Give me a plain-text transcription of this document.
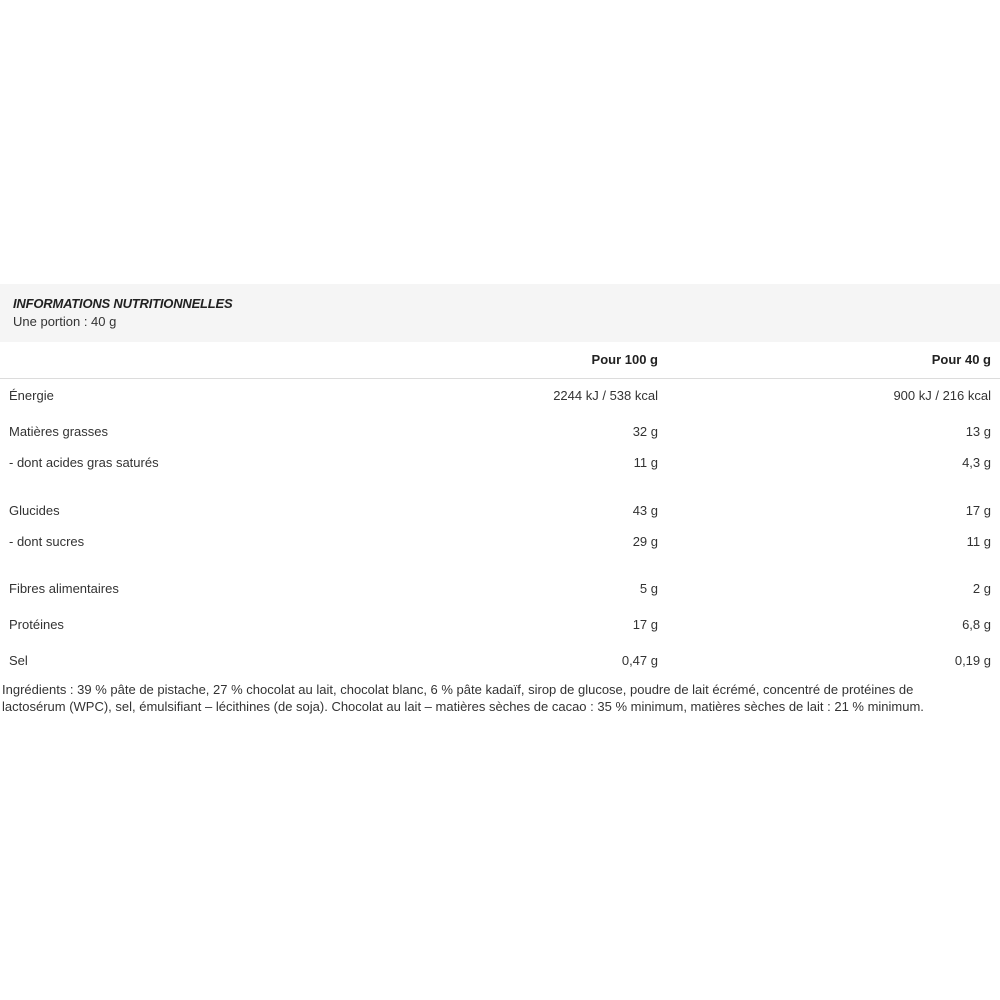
INFORMATIONS NUTRITIONNELLES
Une portion : 40 g
Pour 100 g	Pour 40 g
Énergie	2244 kJ / 538 kcal	900 kJ / 216 kcal
Matières grasses	32 g	13 g
- dont acides gras saturés	11 g	4,3 g
Glucides	43 g	17 g
- dont sucres	29 g	11 g
Fibres alimentaires	5 g	2 g
Protéines	17 g	6,8 g
Sel	0,47 g	0,19 g
Ingrédients : 39 % pâte de pistache, 27 % chocolat au lait, chocolat blanc, 6 % pâte kadaïf, sirop de glucose, poudre de lait écrémé, concentré de protéines de lactosérum (WPC), sel, émulsifiant – lécithines (de soja). Chocolat au lait – matières sèches de cacao : 35 % minimum, matières sèches de lait : 21 % minimum.
